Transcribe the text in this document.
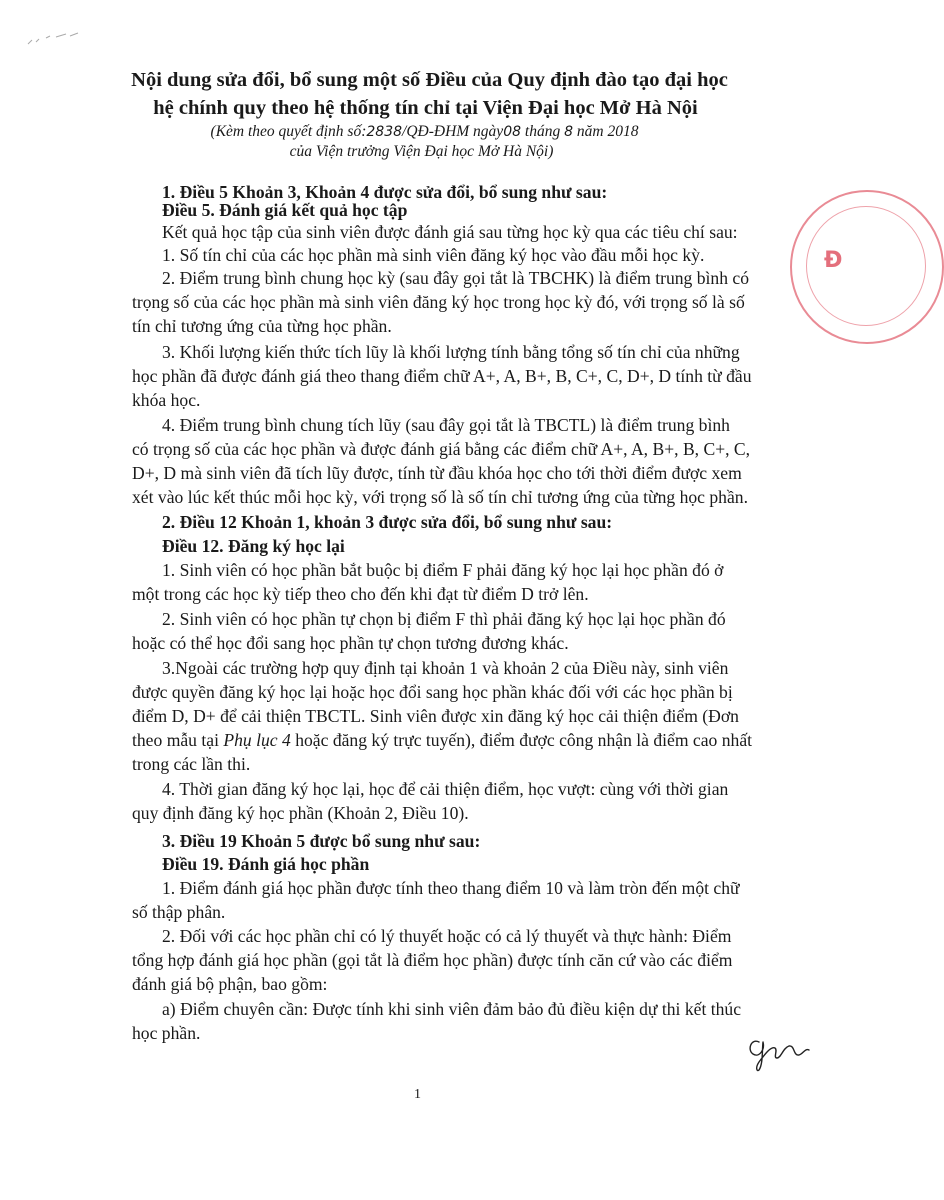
Nội dung sửa đổi, bổ sung một số Điều của Quy định đào tạo đại học
hệ chính quy theo hệ thống tín chỉ tại Viện Đại học Mở Hà Nội
(Kèm theo quyết định số:2838/QĐ-ĐHM ngày08 tháng 8 năm 2018
của Viện trưởng Viện Đại học Mở Hà Nội)
1. Điều 5 Khoản 3, Khoản 4 được sửa đổi, bổ sung như sau:
Điều 5. Đánh giá kết quả học tập
Kết quả học tập của sinh viên được đánh giá sau từng học kỳ qua các tiêu chí sau:
1. Số tín chỉ của các học phần mà sinh viên đăng ký học vào đầu mỗi học kỳ.
2. Điểm trung bình chung học kỳ (sau đây gọi tắt là TBCHK) là điểm trung bình có
trọng số của các học phần mà sinh viên đăng ký học trong học kỳ đó, với trọng số là số
tín chỉ tương ứng của từng học phần.
3. Khối lượng kiến thức tích lũy là khối lượng tính bằng tổng số tín chỉ của những
học phần đã được đánh giá theo thang điểm chữ A+, A, B+, B, C+, C, D+, D tính từ đầu
khóa học.
4. Điểm trung bình chung tích lũy (sau đây gọi tắt là TBCTL) là điểm trung bình
có trọng số của các học phần và được đánh giá bằng các điểm chữ A+, A, B+, B, C+, C,
D+, D mà sinh viên đã tích lũy được, tính từ đầu khóa học cho tới thời điểm được xem
xét vào lúc kết thúc mỗi học kỳ, với trọng số là số tín chỉ tương ứng của từng học phần.
2. Điều 12 Khoản 1, khoản 3 được sửa đổi, bổ sung như sau:
Điều 12. Đăng ký học lại
1. Sinh viên có học phần bắt buộc bị điểm F phải đăng ký học lại học phần đó ở
một trong các học kỳ tiếp theo cho đến khi đạt từ điểm D trở lên.
2. Sinh viên có học phần tự chọn bị điểm F thì phải đăng ký học lại học phần đó
hoặc có thể học đổi sang học phần tự chọn tương đương khác.
3.Ngoài các trường hợp quy định tại khoản 1 và khoản 2 của Điều này, sinh viên
được quyền đăng ký học lại hoặc học đổi sang học phần khác đối với các học phần bị
điểm D, D+ để cải thiện TBCTL. Sinh viên được xin đăng ký học cải thiện điểm (Đơn
theo mẫu tại Phụ lục 4 hoặc đăng ký trực tuyến), điểm được công nhận là điểm cao nhất
trong các lần thi.
4. Thời gian đăng ký học lại, học để cải thiện điểm, học vượt: cùng với thời gian
quy định đăng ký học phần (Khoản 2, Điều 10).
3. Điều 19 Khoản 5 được bổ sung như sau:
Điều 19. Đánh giá học phần
1. Điểm đánh giá học phần được tính theo thang điểm 10 và làm tròn đến một chữ
số thập phân.
2. Đối với các học phần chỉ có lý thuyết hoặc có cả lý thuyết và thực hành: Điểm
tổng hợp đánh giá học phần (gọi tắt là điểm học phần) được tính căn cứ vào các điểm
đánh giá bộ phận, bao gồm:
a) Điểm chuyên cần: Được tính khi sinh viên đảm bảo đủ điều kiện dự thi kết thúc
học phần.
Đ
1
